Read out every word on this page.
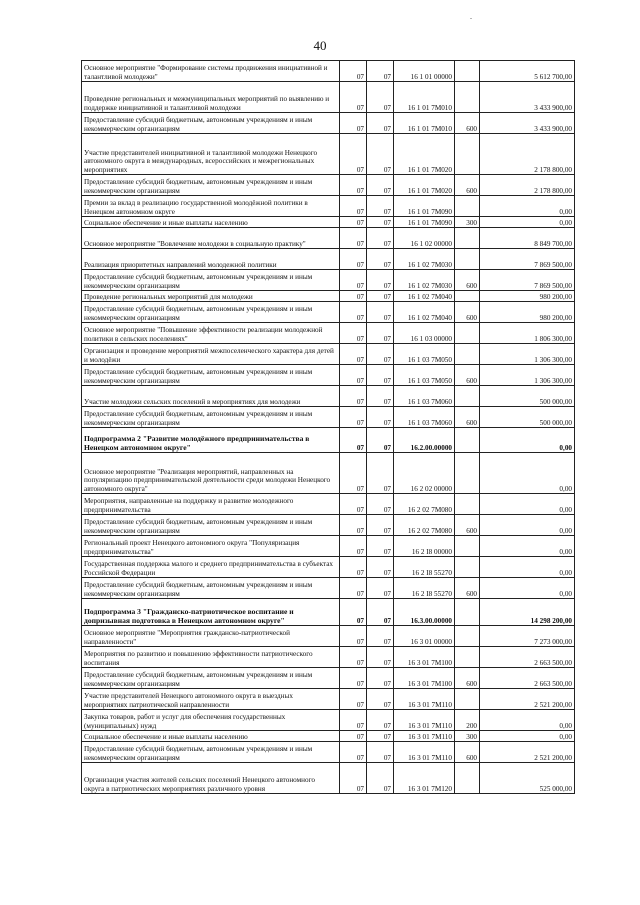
.
40
Основное мероприятие "Формирование системы продвижения инициативной и талантливой молодежи"	07	07	16 1 01 00000		5 612 700,00
Проведение региональных и межмуниципальных мероприятий по выявлению и поддержке инициативной и талантливой молодежи	07	07	16 1 01 7М010		3 433 900,00
Предоставление субсидий бюджетным, автономным учреждениям и иным некоммерческим организациям	07	07	16 1 01 7М010	600	3 433 900,00
Участие представителей инициативной и талантливой молодежи Ненецкого автономного округа в международных, всероссийских и межрегиональных мероприятиях	07	07	16 1 01 7М020		2 178 800,00
Предоставление субсидий бюджетным, автономным учреждениям и иным некоммерческим организациям	07	07	16 1 01 7М020	600	2 178 800,00
Премии за вклад в реализацию государственной молодёжной политики в Ненецком автономном округе	07	07	16 1 01 7М090		0,00
Социальное обеспечение и иные выплаты населению	07	07	16 1 01 7М090	300	0,00
Основное мероприятие "Вовлечение молодежи в социальную практику"	07	07	16 1 02 00000		8 849 700,00
Реализация приоритетных направлений молодежной политики	07	07	16 1 02 7М030		7 869 500,00
Предоставление субсидий бюджетным, автономным учреждениям и иным некоммерческим организациям	07	07	16 1 02 7М030	600	7 869 500,00
Проведение региональных мероприятий для молодежи	07	07	16 1 02 7М040		980 200,00
Предоставление субсидий бюджетным, автономным учреждениям и иным некоммерческим организациям	07	07	16 1 02 7М040	600	980 200,00
Основное мероприятие "Повышение эффективности реализации молодежной политики в сельских поселениях"	07	07	16 1 03 00000		1 806 300,00
Организация и проведение мероприятий межпоселенческого характера для детей и молодёжи	07	07	16 1 03 7М050		1 306 300,00
Предоставление субсидий бюджетным, автономным учреждениям и иным некоммерческим организациям	07	07	16 1 03 7М050	600	1 306 300,00
Участие молодежи сельских поселений в мероприятиях для молодежи	07	07	16 1 03 7М060		500 000,00
Предоставление субсидий бюджетным, автономным учреждениям и иным некоммерческим организациям	07	07	16 1 03 7М060	600	500 000,00
Подпрограмма 2 "Развитие молодёжного предпринимательства в Ненецком автономном округе"	07	07	16.2.00.00000		0,00
Основное мероприятие "Реализация мероприятий, направленных на популяризацию предпринимательской деятельности среди молодежи Ненецкого автономного округа"	07	07	16 2 02 00000		0,00
Мероприятия, направленные на поддержку и развитие молодежного предпринимательства	07	07	16 2 02 7М080		0,00
Предоставление субсидий бюджетным, автономным учреждениям и иным некоммерческим организациям	07	07	16 2 02 7М080	600	0,00
Региональный проект Ненецкого автономного округа "Популяризация предпринимательства"	07	07	16 2 I8 00000		0,00
Государственная поддержка малого и среднего предпринимательства в субъектах Российской Федерации	07	07	16 2 I8 55270		0,00
Предоставление субсидий бюджетным, автономным учреждениям и иным некоммерческим организациям	07	07	16 2 I8 55270	600	0,00
Подпрограмма 3 "Гражданско-патриотическое воспитание и допризывная подготовка в Ненецком автономном округе"	07	07	16.3.00.00000		14 298 200,00
Основное мероприятие "Мероприятия гражданско-патриотической направленности"	07	07	16 3 01 00000		7 273 000,00
Мероприятия по развитию и повышению эффективности патриотического воспитания	07	07	16 3 01 7М100		2 663 500,00
Предоставление субсидий бюджетным, автономным учреждениям и иным некоммерческим организациям	07	07	16 3 01 7М100	600	2 663 500,00
Участие представителей Ненецкого автономного округа в выездных мероприятиях патриотической направленности	07	07	16 3 01 7М110		2 521 200,00
Закупка товаров, работ и услуг для обеспечения государственных (муниципальных) нужд	07	07	16 3 01 7М110	200	0,00
Социальное обеспечение и иные выплаты населению	07	07	16 3 01 7М110	300	0,00
Предоставление субсидий бюджетным, автономным учреждениям и иным некоммерческим организациям	07	07	16 3 01 7М110	600	2 521 200,00
Организация участия жителей сельских поселений Ненецкого автономного округа в патриотических мероприятиях различного уровня	07	07	16 3 01 7М120		525 000,00
